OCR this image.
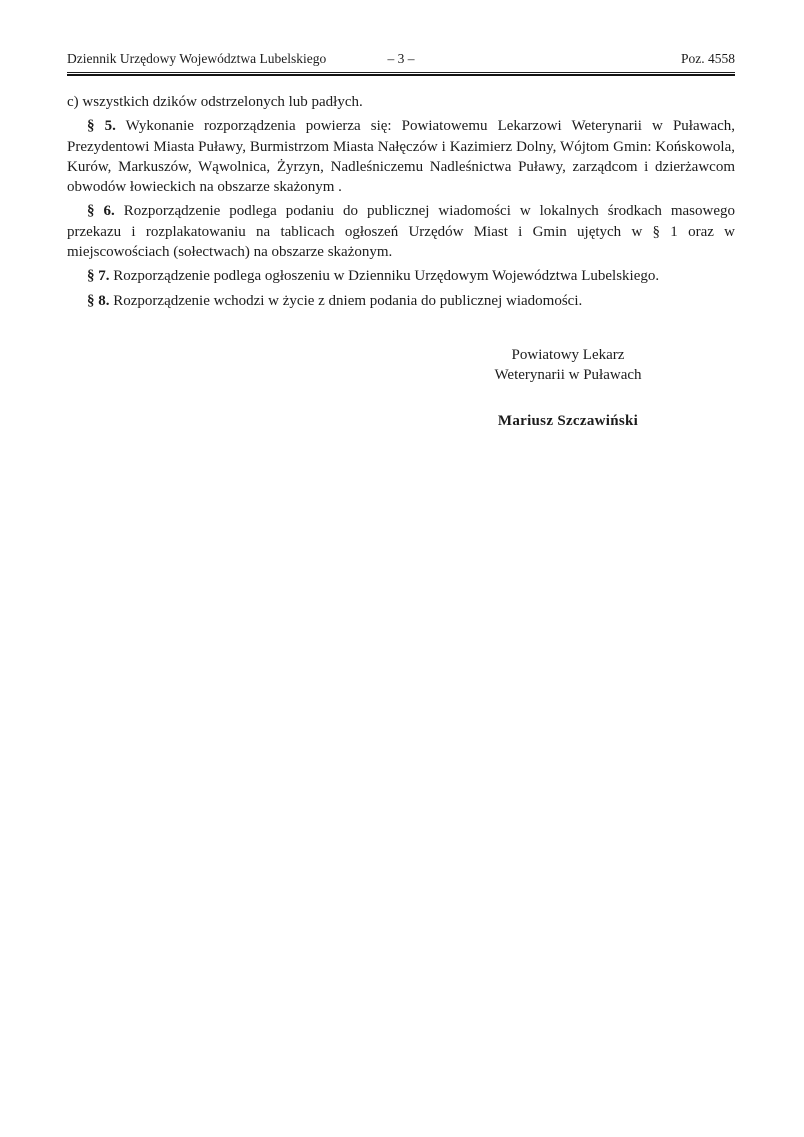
Dziennik Urzędowy Województwa Lubelskiego	– 3 –	Poz. 4558

c) wszystkich dzików odstrzelonych lub padłych.

§ 5. Wykonanie rozporządzenia powierza się: Powiatowemu Lekarzowi Weterynarii w Puławach, Prezydentowi Miasta Puławy, Burmistrzom Miasta Nałęczów i Kazimierz Dolny, Wójtom Gmin: Końskowola, Kurów, Markuszów, Wąwolnica, Żyrzyn, Nadleśniczemu Nadleśnictwa Puławy, zarządcom i dzierżawcom obwodów łowieckich na obszarze skażonym .

§ 6. Rozporządzenie podlega podaniu do publicznej wiadomości w lokalnych środkach masowego przekazu i rozplakatowaniu na tablicach ogłoszeń Urzędów Miast i Gmin ujętych w § 1 oraz w miejscowościach (sołectwach) na obszarze skażonym.

§ 7. Rozporządzenie podlega ogłoszeniu w Dzienniku Urzędowym Województwa Lubelskiego.

§ 8. Rozporządzenie wchodzi w życie z dniem podania do publicznej wiadomości.

Powiatowy Lekarz
Weterynarii w Puławach
Mariusz Szczawiński
